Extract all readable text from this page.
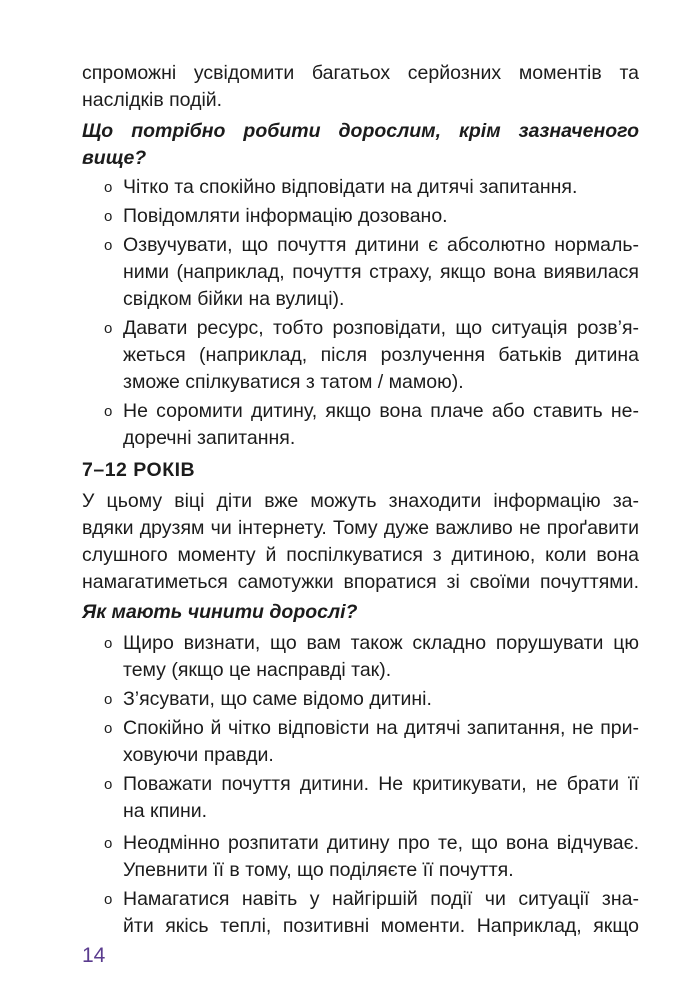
спроможні усвідомити багатьох серйозних моментів та
наслідків подій.
Що потрібно робити дорослим, крім зазначеного
вище?
o Чітко та спокійно відповідати на дитячі запитання.
o Повідомляти інформацію дозовано.
o Озвучувати, що почуття дитини є абсолютно нормаль-
ними (наприклад, почуття страху, якщо вона виявилася
свідком бійки на вулиці).
o Давати ресурс, тобто розповідати, що ситуація розв’я-
жеться (наприклад, після розлучення батьків дитина
зможе спілкуватися з татом / мамою).
o Не соромити дитину, якщо вона плаче або ставить не-
доречні запитання.
7–12 РОКІВ
У цьому віці діти вже можуть знаходити інформацію за-
вдяки друзям чи інтернету. Тому дуже важливо не проґавити
слушного моменту й поспілкуватися з дитиною, коли вона
намагатиметься самотужки впоратися зі своїми почуттями.
Як мають чинити дорослі?
o Щиро визнати, що вам також складно порушувати цю
тему (якщо це насправді так).
o З’ясувати, що саме відомо дитині.
o Спокійно й чітко відповісти на дитячі запитання, не при-
ховуючи правди.
o Поважати почуття дитини. Не критикувати, не брати її
на кпини.
o Неодмінно розпитати дитину про те, що вона відчуває.
Упевнити її в тому, що поділяєте її почуття.
o Намагатися навіть у найгіршій події чи ситуації зна-
йти якісь теплі, позитивні моменти. Наприклад, якщо
14
